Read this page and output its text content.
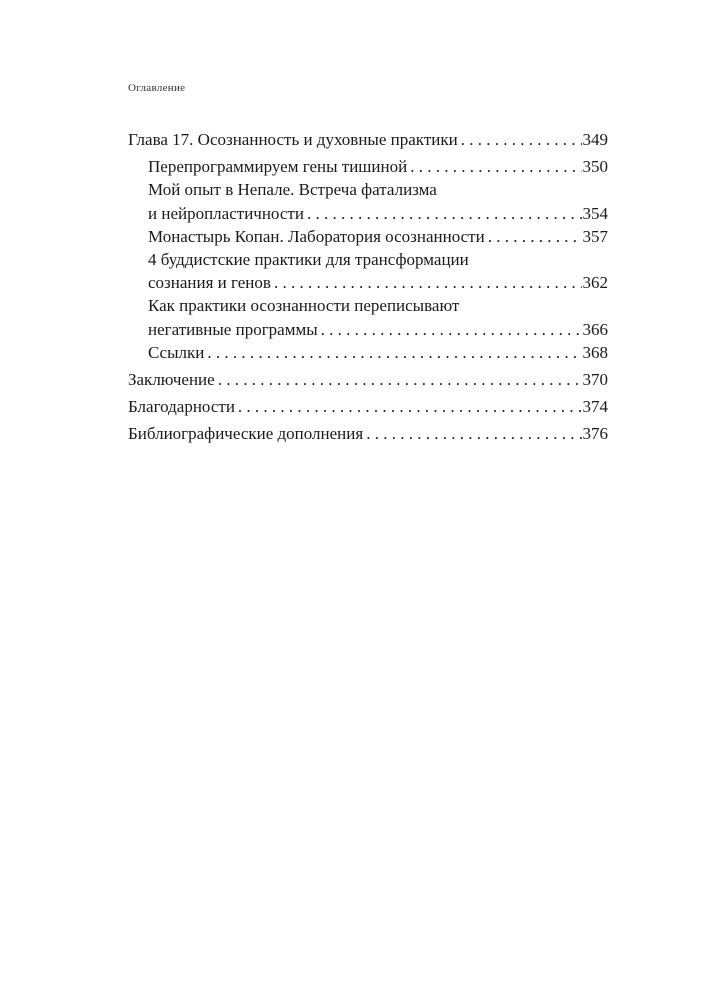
Оглавление
Глава 17. Осознанность и духовные практики . . .	349
Перепрограммируем гены тишиной . . .	350
Мой опыт в Непале. Встреча фатализма
и нейропластичности . . .	354
Монастырь Копан. Лаборатория осознанности . . .	357
4 буддистские практики для трансформации
сознания и генов . . .	362
Как практики осознанности переписывают
негативные программы . . .	366
Ссылки . . .	368
Заключение . . .	370
Благодарности . . .	374
Библиографические дополнения . . .	376
